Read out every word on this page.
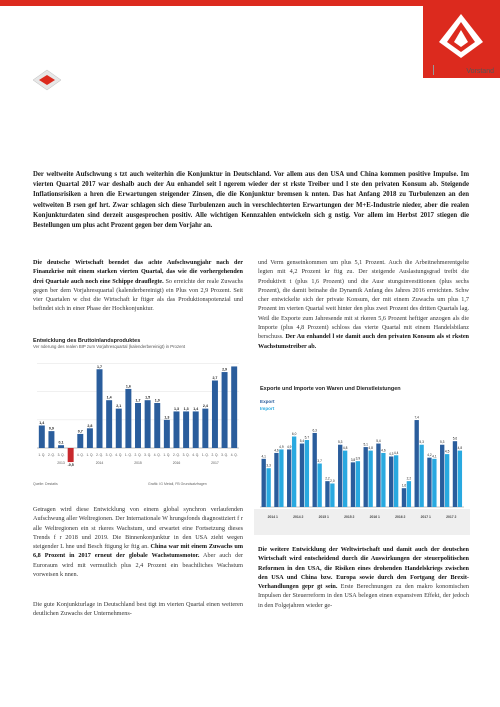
Vorstand
Der weltweite Aufschwung s tzt auch weiterhin die Konjunktur in Deutschland. Vor allem aus den USA und China kommen positive Impulse. Im vierten Quartal 2017 war deshalb auch der Au enhandel seit l ngerem wieder der st rkste Treiber und l ste den privaten Konsum ab. Steigende Inflationsrisiken a hren die Erwartungen steigender Zinsen, die die Konjunktur bremsen k nnten. Das hat Anfang 2018 zu Turbulenzen an den weltweiten B rsen gef hrt. Zwar schlagen sich diese Turbulenzen auch in verschlechterten Erwartungen der M+E-Industrie nieder, aber die realen Konjunkturdaten sind derzeit ausgesprochen positiv. Alle wichtigen Kennzahlen entwickeln sich g nstig. Vor allem im Herbst 2017 stiegen die Bestellungen um plus acht Prozent gegen ber dem Vorjahr an.
Die deutsche Wirtschaft beendet das achte Aufschwungjahr nach der Finanzkrise mit einem starken vierten Quartal, das wie die vorhergehenden drei Quartale auch noch eine Schippe drauflegte. So erreichte der reale Zuwachs gegen ber dem Vorjahresquartal (kalenderbereinigt) ein Plus von 2,9 Prozent. Seit vier Quartalen w chst die Wirtschaft kr ftiger als das Produktionspotenzial und befindet sich in einer Phase der Hochkonjunktur.
Entwicklung des Bruttoinlandsproduktes
Ver nderung des realen BIP zum Vorjahresquartal (kalenderbereinigt) in Prozent
1,4
1. Q.
0,9
2. Q.
0,1
3. Q.
0,7
4. Q.
2,8
1. Q.
1,7
2. Q.
1,4
3. Q.
2,1
4. Q.
1,6
1. Q.
1,7
2. Q.
1,5
3. Q.
1,0
4. Q.
1,3
1. Q.
1,3
2. Q.
1,3
3. Q.
1,4
4. Q.
2,4
1. Q.
2,7
2. Q.
2,9
3. Q. 4. Q.
-0,5
2013	2014	2015	2016	2017
Quelle: Destatis	Grafik: IG Metall, FB Grundsatzfragen
Getragen wird diese Entwicklung von einem global synchron verlaufenden Aufschwung aller Weltregionen. Der Internationale W hrungsfonds diagnostiziert f r alle Weltregionen ein st rkeres Wachstum, und erwartet eine Fortsetzung dieses Trends f r 2018 und 2019. Die Binnenkonjunktur in den USA zieht wegen steigender L hne und Besch ftigung kr ftig an. China war mit einem Zuwachs um 6,8 Prozent in 2017 erneut der globale Wachstumsmotor. Aber auch der Euroraum wird mit vermutlich plus 2,4 Prozent ein beachtliches Wachstum vorweisen k nnen.
Die gute Konjunkturlage in Deutschland best tigt im vierten Quartal einen weiteren deutlichen Zuwachs der Unternehmens-
und Verm genseinkommen um plus 5,1 Prozent. Auch die Arbeitnehmerentgelte legten mit 4,2 Prozent kr ftig zu. Der steigende Auslastungsgrad treibt die Produktivit t (plus 1,6 Prozent) und die Ausr stungsinvestitionen (plus sechs Prozent), die damit beinahe die Dynamik Anfang des Jahres 2016 erreichten. Schw cher entwickelte sich der private Konsum, der mit einem Zuwachs um plus 1,7 Prozent im vierten Quartal weit hinter den plus zwei Prozent des dritten Quartals lag. Weil die Exporte zum Jahresende mit st rkeren 5,6 Prozent heftiger anzogen als die Importe (plus 4,8 Prozent) schloss das vierte Quartal mit einem Handelsbilanz berschuss. Der Au enhandel l ste damit auch den privaten Konsum als st rksten Wachstumstreiber ab.
Exporte und Importe von Waren und Dienstleistungen
Export
Import
4,1
3,3
4,6
4,9 4,9
6,0
5,4
5,7
6,3
3,7
2,2
2,0
5,3
4,8
3,8 3,9
5,1
4,8
5,4
4,6
4,3 4,4
1,6
2,2
7,4
5,3
4,2 4,1
5,3
4,5
5,6
4,8
2014 1	2014 2	2015 1	2015 2	2016 1	2016 2	2017 1	2017 2
Die weitere Entwicklung der Weltwirtschaft und damit auch der deutschen Wirtschaft wird entscheidend durch die Auswirkungen der steuerpolitischen Reformen in den USA, die Risiken eines drohenden Handelskriegs zwischen den USA und China bzw. Europa sowie durch den Fortgang der Brexit-Verhandlungen gepr gt sein. Erste Berechnungen zu den makro konomischen Impulsen der Steuerreform in den USA belegen einen expansiven Effekt, der jedoch in den Folgejahren wieder ge-
